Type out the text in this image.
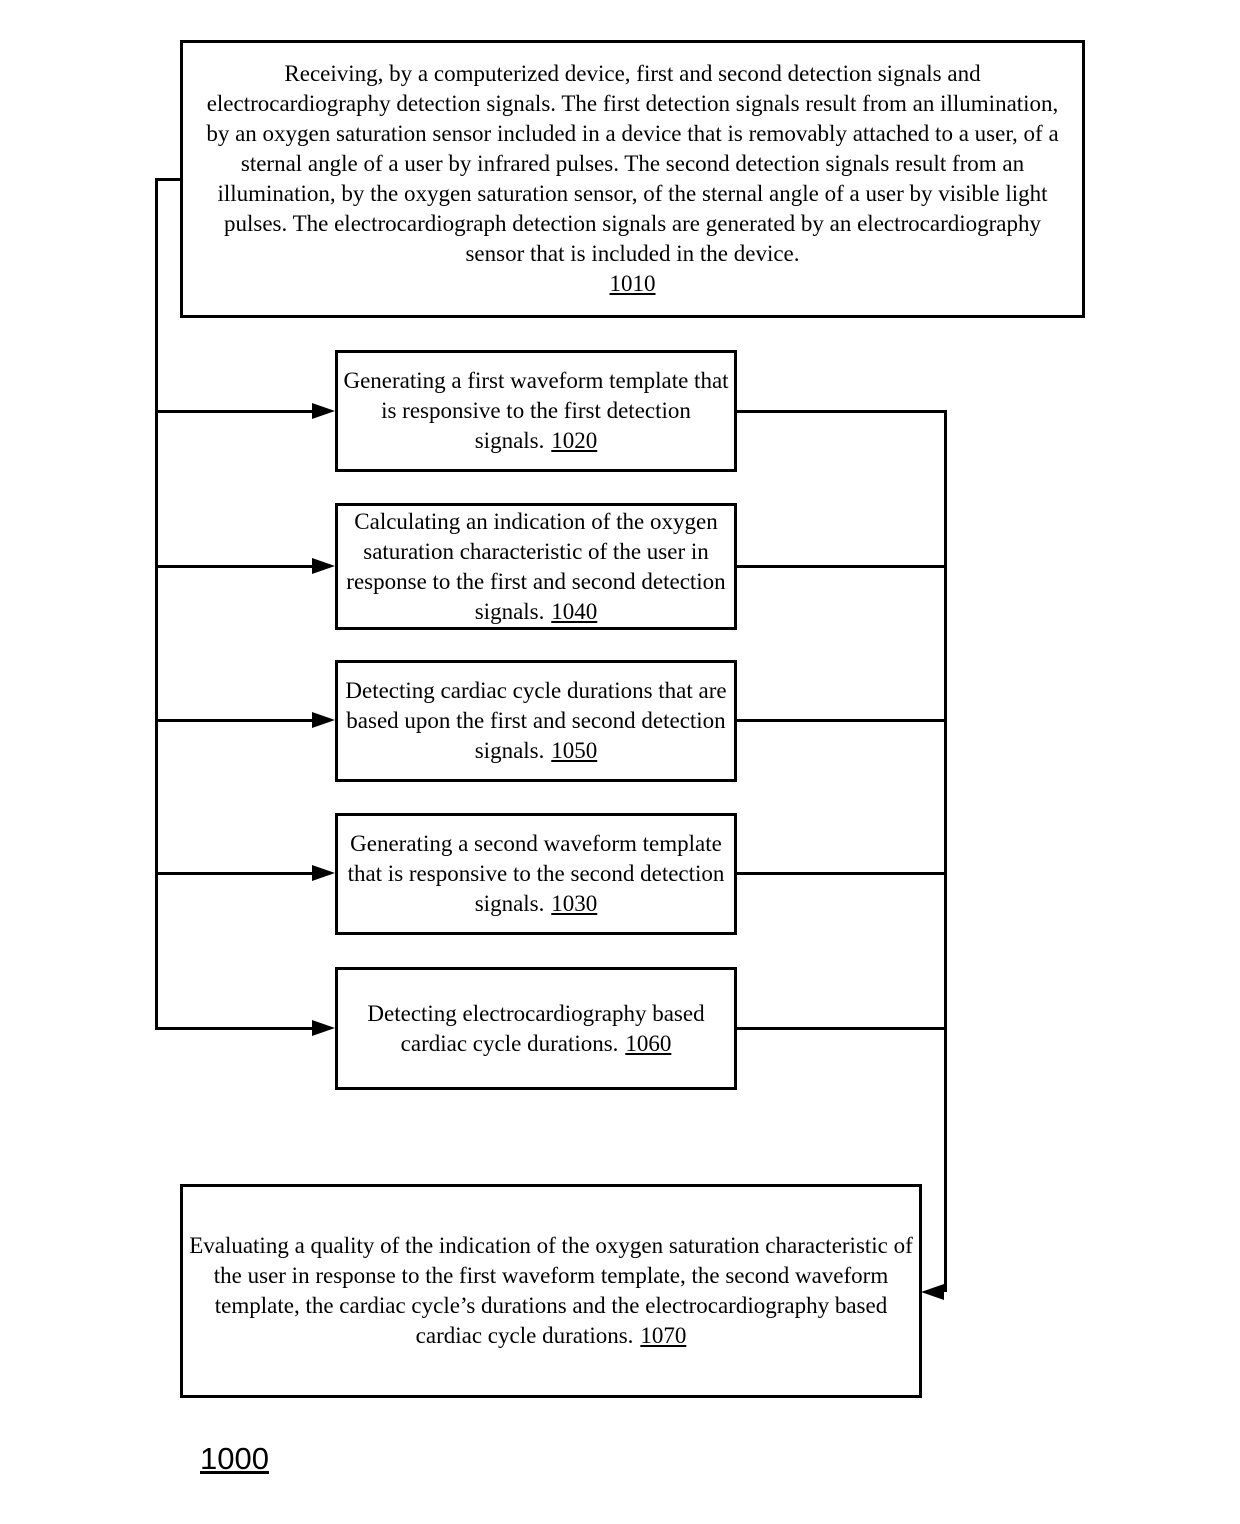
Receiving, by a computerized device, first and second detection signals and electrocardiography detection signals. The first detection signals result from an illumination, by an oxygen saturation sensor included in a device that is removably attached to a user, of a sternal angle of a user by infrared pulses. The second detection signals result from an illumination, by the oxygen saturation sensor, of the sternal angle of a user by visible light pulses. The electrocardiograph detection signals are generated by an electrocardiography sensor that is included in the device.
1010

Generating a first waveform template that is responsive to the first detection signals. 1020

Calculating an indication of the oxygen saturation characteristic of the user in response to the first and second detection signals. 1040

Detecting cardiac cycle durations that are based upon the first and second detection signals. 1050

Generating a second waveform template that is responsive to the second detection signals. 1030

Detecting electrocardiography based cardiac cycle durations. 1060

Evaluating a quality of the indication of the oxygen saturation characteristic of the user in response to the first waveform template, the second waveform template, the cardiac cycle’s durations and the electrocardiography based cardiac cycle durations. 1070

1000
